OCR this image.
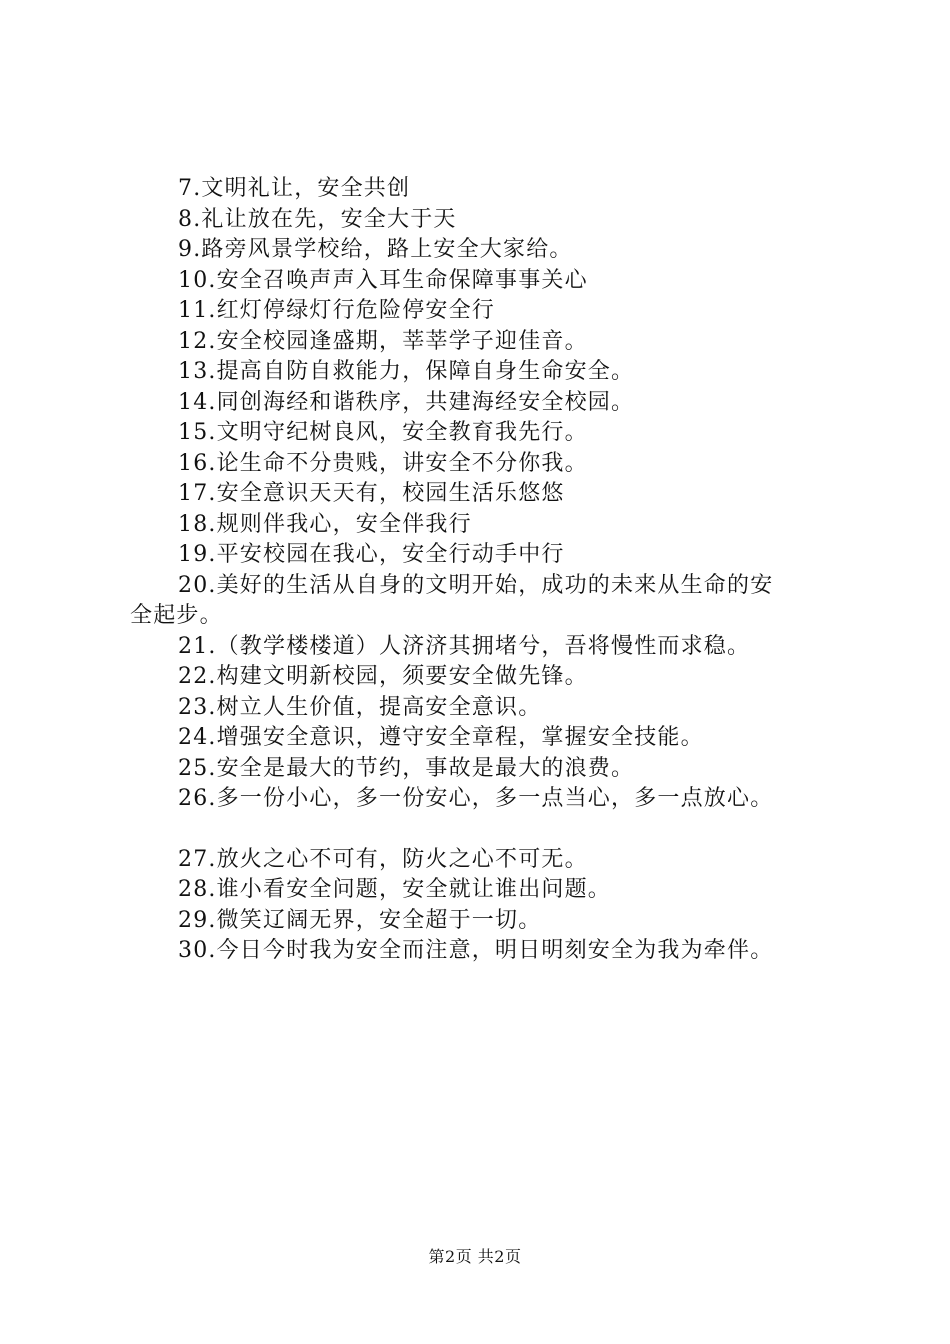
7.文明礼让，安全共创
8.礼让放在先，安全大于天
9.路旁风景学校给，路上安全大家给。
10.安全召唤声声入耳生命保障事事关心
11.红灯停绿灯行危险停安全行
12.安全校园逢盛期，莘莘学子迎佳音。
13.提高自防自救能力，保障自身生命安全。
14.同创海经和谐秩序，共建海经安全校园。
15.文明守纪树良风，安全教育我先行。
16.论生命不分贵贱，讲安全不分你我。
17.安全意识天天有，校园生活乐悠悠
18.规则伴我心，安全伴我行
19.平安校园在我心，安全行动手中行
20.美好的生活从自身的文明开始，成功的未来从生命的安
全起步。
21.（教学楼楼道）人济济其拥堵兮，吾将慢性而求稳。
22.构建文明新校园，须要安全做先锋。
23.树立人生价值，提高安全意识。
24.增强安全意识，遵守安全章程，掌握安全技能。
25.安全是最大的节约，事故是最大的浪费。
26.多一份小心，多一份安心，多一点当心，多一点放心。
27.放火之心不可有，防火之心不可无。
28.谁小看安全问题，安全就让谁出问题。
29.微笑辽阔无界，安全超于一切。
30.今日今时我为安全而注意，明日明刻安全为我为牵伴。
第2页 共2页
